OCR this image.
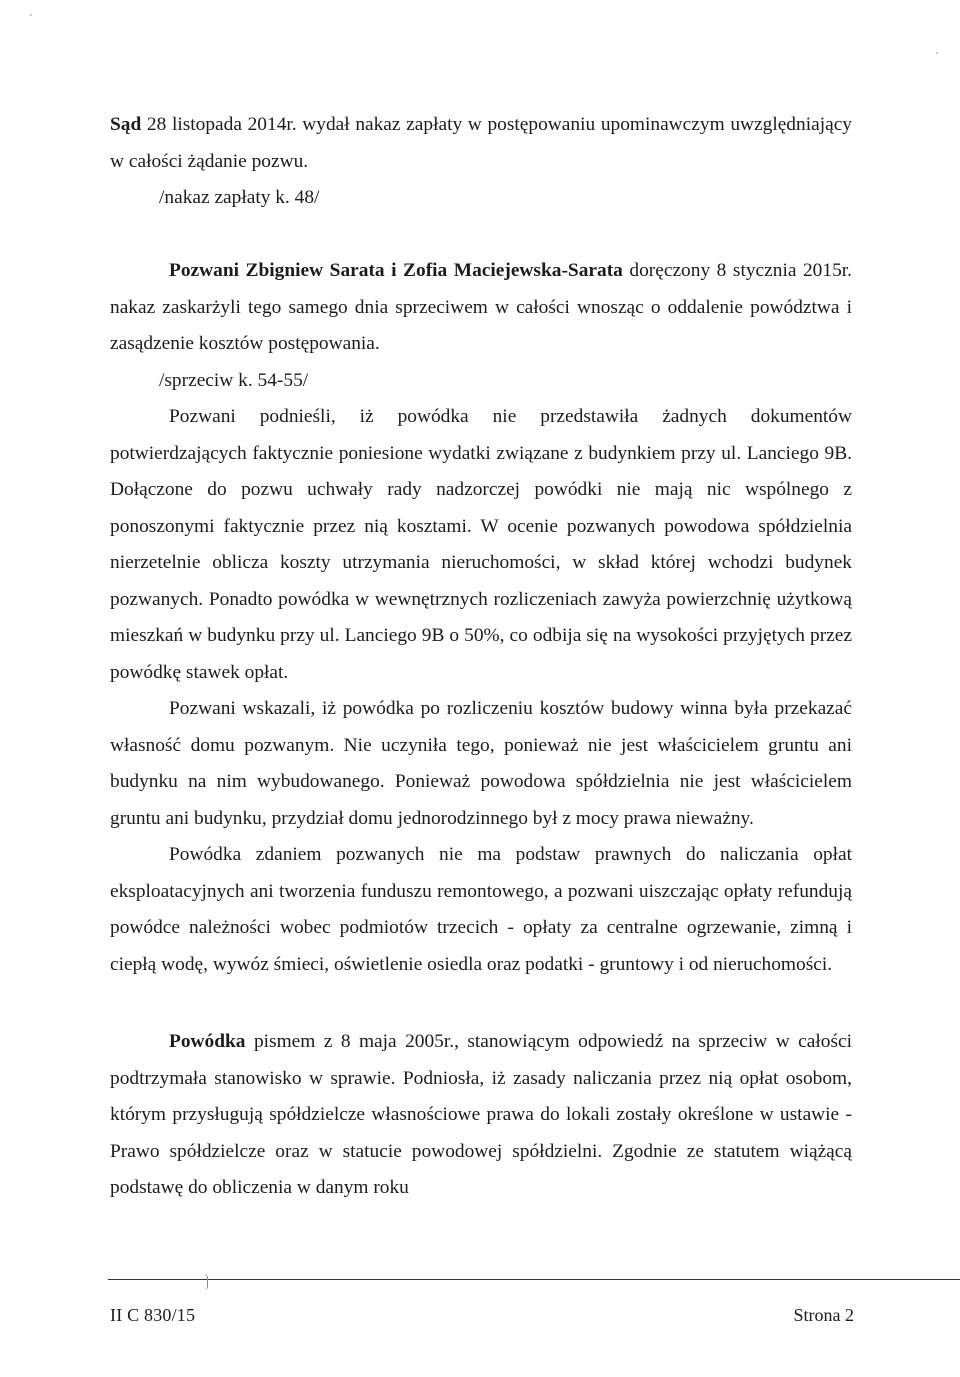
Sąd 28 listopada 2014r. wydał nakaz zapłaty w postępowaniu upominawczym uwzględniający w całości żądanie pozwu.

/nakaz zapłaty k. 48/

Pozwani Zbigniew Sarata i Zofia Maciejewska-Sarata doręczony 8 stycznia 2015r. nakaz zaskarżyli tego samego dnia sprzeciwem w całości wnosząc o oddalenie powództwa i zasądzenie kosztów postępowania.

/sprzeciw k. 54-55/

Pozwani podnieśli, iż powódka nie przedstawiła żadnych dokumentów potwierdzających faktycznie poniesione wydatki związane z budynkiem przy ul. Lanciego 9B. Dołączone do pozwu uchwały rady nadzorczej powódki nie mają nic wspólnego z ponoszonymi faktycznie przez nią kosztami. W ocenie pozwanych powodowa spółdzielnia nierzetelnie oblicza koszty utrzymania nieruchomości, w skład której wchodzi budynek pozwanych. Ponadto powódka w wewnętrznych rozliczeniach zawyża powierzchnię użytkową mieszkań w budynku przy ul. Lanciego 9B o 50%, co odbija się na wysokości przyjętych przez powódkę stawek opłat.

Pozwani wskazali, iż powódka po rozliczeniu kosztów budowy winna była przekazać własność domu pozwanym. Nie uczyniła tego, ponieważ nie jest właścicielem gruntu ani budynku na nim wybudowanego. Ponieważ powodowa spółdzielnia nie jest właścicielem gruntu ani budynku, przydział domu jednorodzinnego był z mocy prawa nieważny.

Powódka zdaniem pozwanych nie ma podstaw prawnych do naliczania opłat eksploatacyjnych ani tworzenia funduszu remontowego, a pozwani uiszczając opłaty refundują powódce należności wobec podmiotów trzecich - opłaty za centralne ogrzewanie, zimną i ciepłą wodę, wywóz śmieci, oświetlenie osiedla oraz podatki - gruntowy i od nieruchomości.

Powódka pismem z 8 maja 2005r., stanowiącym odpowiedź na sprzeciw w całości podtrzymała stanowisko w sprawie. Podniosła, iż zasady naliczania przez nią opłat osobom, którym przysługują spółdzielcze własnościowe prawa do lokali zostały określone w ustawie - Prawo spółdzielcze oraz w statucie powodowej spółdzielni. Zgodnie ze statutem wiążącą podstawę do obliczenia w danym roku

II C 830/15	Strona 2
